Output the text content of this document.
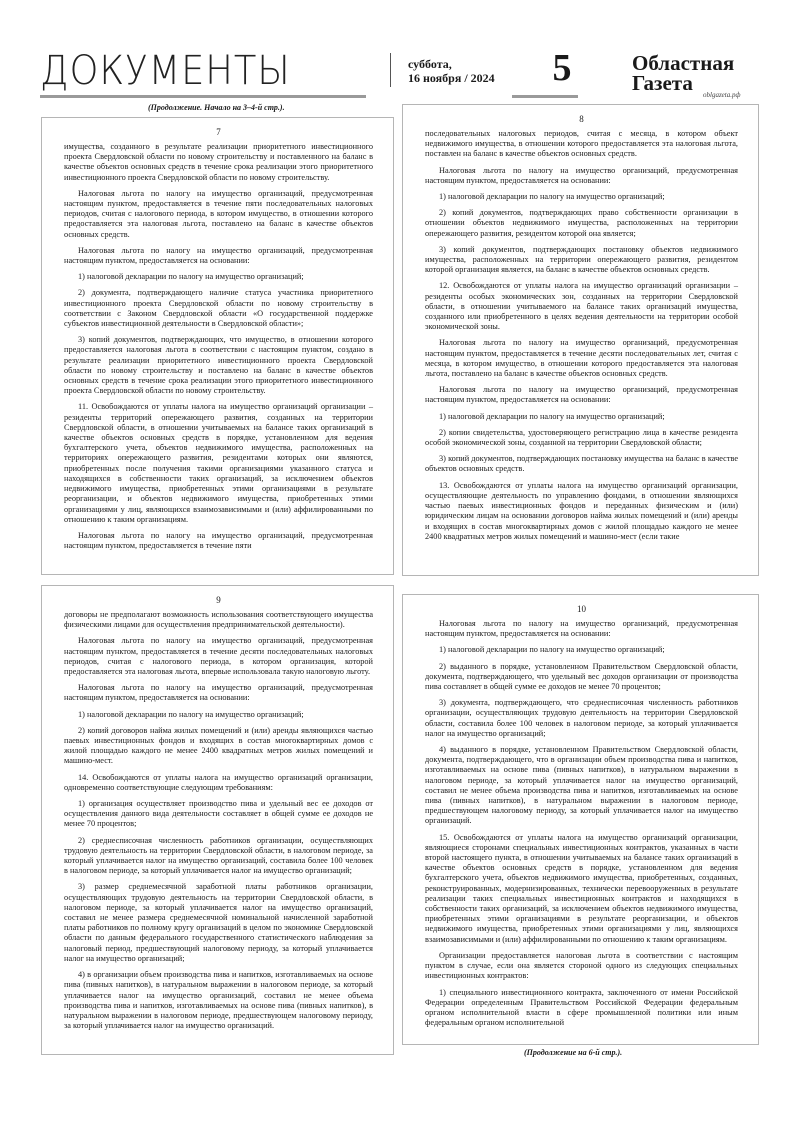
ДОКУМЕНТЫ	суббота,
16 ноября / 2024 5	Областная
Газета	oblgazeta.рф
(Продолжение. Начало на 3–4-й стр.).
7

имущества, созданного в результате реализации приоритетного инвестиционного проекта Свердловской области по новому строительству и поставленного на баланс в качестве объектов основных средств в течение срока реализации этого приоритетного инвестиционного проекта Свердловской области по новому строительству.

Налоговая льгота по налогу на имущество организаций, предусмотренная настоящим пунктом, предоставляется в течение пяти последовательных налоговых периодов, считая с налогового периода, в котором имущество, в отношении которого предоставляется эта налоговая льгота, поставлено на баланс в качестве объектов основных средств.

Налоговая льгота по налогу на имущество организаций, предусмотренная настоящим пунктом, предоставляется на основании:

1) налоговой декларации по налогу на имущество организаций;

2) документа, подтверждающего наличие статуса участника приоритетного инвестиционного проекта Свердловской области по новому строительству в соответствии с Законом Свердловской области «О государственной поддержке субъектов инвестиционной деятельности в Свердловской области»;

3) копий документов, подтверждающих, что имущество, в отношении которого предоставляется налоговая льгота в соответствии с настоящим пунктом, создано в результате реализации приоритетного инвестиционного проекта Свердловской области по новому строительству и поставлено на баланс в качестве объектов основных средств в течение срока реализации этого приоритетного инвестиционного проекта Свердловской области по новому строительству.

11. Освобождаются от уплаты налога на имущество организаций организации – резиденты территорий опережающего развития, созданных на территории Свердловской области, в отношении учитываемых на балансе таких организаций в качестве объектов основных средств в порядке, установленном для ведения бухгалтерского учета, объектов недвижимого имущества, расположенных на территориях опережающего развития, резидентами которых они являются, приобретенных после получения такими организациями указанного статуса и находящихся в собственности таких организаций, за исключением объектов недвижимого имущества, приобретенных этими организациями в результате реорганизации, и объектов недвижимого имущества, приобретенных этими организациями у лиц, являющихся взаимозависимыми и (или) аффилированными по отношению к таким организациям.

Налоговая льгота по налогу на имущество организаций, предусмотренная настоящим пунктом, предоставляется в течение пяти

8

последовательных налоговых периодов, считая с месяца, в котором объект недвижимого имущества, в отношении которого предоставляется эта налоговая льгота, поставлен на баланс в качестве объектов основных средств.

Налоговая льгота по налогу на имущество организаций, предусмотренная настоящим пунктом, предоставляется на основании:

1) налоговой декларации по налогу на имущество организаций;

2) копий документов, подтверждающих право собственности организации в отношении объектов недвижимого имущества, расположенных на территории опережающего развития, резидентом которой она является;

3) копий документов, подтверждающих постановку объектов недвижимого имущества, расположенных на территории опережающего развития, резидентом которой организация является, на баланс в качестве объектов основных средств.

12. Освобождаются от уплаты налога на имущество организаций организации – резиденты особых экономических зон, созданных на территории Свердловской области, в отношении учитываемого на балансе таких организаций имущества, созданного или приобретенного в целях ведения деятельности на территории особой экономической зоны.

Налоговая льгота по налогу на имущество организаций, предусмотренная настоящим пунктом, предоставляется в течение десяти последовательных лет, считая с месяца, в котором имущество, в отношении которого предоставляется эта налоговая льгота, поставлено на баланс в качестве объектов основных средств.

Налоговая льгота по налогу на имущество организаций, предусмотренная настоящим пунктом, предоставляется на основании:

1) налоговой декларации по налогу на имущество организаций;

2) копии свидетельства, удостоверяющего регистрацию лица в качестве резидента особой экономической зоны, созданной на территории Свердловской области;

3) копий документов, подтверждающих постановку имущества на баланс в качестве объектов основных средств.

13. Освобождаются от уплаты налога на имущество организаций организации, осуществляющие деятельность по управлению фондами, в отношении являющихся частью паевых инвестиционных фондов и переданных физическим и (или) юридическим лицам на основании договоров найма жилых помещений и (или) аренды и входящих в состав многоквартирных домов с жилой площадью каждого не менее 2400 квадратных метров жилых помещений и машино-мест (если такие

9

договоры не предполагают возможность использования соответствующего имущества физическими лицами для осуществления предпринимательской деятельности).

Налоговая льгота по налогу на имущество организаций, предусмотренная настоящим пунктом, предоставляется в течение десяти последовательных налоговых периодов, считая с налогового периода, в котором организация, которой предоставляется эта налоговая льгота, впервые использовала такую налоговую льготу.

Налоговая льгота по налогу на имущество организаций, предусмотренная настоящим пунктом, предоставляется на основании:

1) налоговой декларации по налогу на имущество организаций;

2) копий договоров найма жилых помещений и (или) аренды являющихся частью паевых инвестиционных фондов и входящих в состав многоквартирных домов с жилой площадью каждого не менее 2400 квадратных метров жилых помещений и машино-мест.

14. Освобождаются от уплаты налога на имущество организаций организации, одновременно соответствующие следующим требованиям:

1) организация осуществляет производство пива и удельный вес ее доходов от осуществления данного вида деятельности составляет в общей сумме ее доходов не менее 70 процентов;

2) среднесписочная численность работников организации, осуществляющих трудовую деятельность на территории Свердловской области, в налоговом периоде, за который уплачивается налог на имущество организаций, составила более 100 человек в налоговом периоде, за который уплачивается налог на имущество организаций;

3) размер среднемесячной заработной платы работников организации, осуществляющих трудовую деятельность на территории Свердловской области, в налоговом периоде, за который уплачивается налог на имущество организаций, составил не менее размера среднемесячной номинальной начисленной заработной платы работников по полному кругу организаций в целом по экономике Свердловской области по данным федерального государственного статистического наблюдения за налоговый период, предшествующий налоговому периоду, за который уплачивается налог на имущество организаций;

4) в организации объем производства пива и напитков, изготавливаемых на основе пива (пивных напитков), в натуральном выражении в налоговом периоде, за который уплачивается налог на имущество организаций, составил не менее объема производства пива и напитков, изготавливаемых на основе пива (пивных напитков), в натуральном выражении в налоговом периоде, предшествующем налоговому периоду, за который уплачивается налог на имущество организаций.

10

Налоговая льгота по налогу на имущество организаций, предусмотренная настоящим пунктом, предоставляется на основании:

1) налоговой декларации по налогу на имущество организаций;

2) выданного в порядке, установленном Правительством Свердловской области, документа, подтверждающего, что удельный вес доходов организации от производства пива составляет в общей сумме ее доходов не менее 70 процентов;

3) документа, подтверждающего, что среднесписочная численность работников организации, осуществляющих трудовую деятельность на территории Свердловской области, составила более 100 человек в налоговом периоде, за который уплачивается налог на имущество организаций;

4) выданного в порядке, установленном Правительством Свердловской области, документа, подтверждающего, что в организации объем производства пива и напитков, изготавливаемых на основе пива (пивных напитков), в натуральном выражении в налоговом периоде, за который уплачивается налог на имущество организаций, составил не менее объема производства пива и напитков, изготавливаемых на основе пива (пивных напитков), в натуральном выражении в налоговом периоде, предшествующем налоговому периоду, за который уплачивается налог на имущество организаций.

15. Освобождаются от уплаты налога на имущество организаций организации, являющиеся сторонами специальных инвестиционных контрактов, указанных в части второй настоящего пункта, в отношении учитываемых на балансе таких организаций в качестве объектов основных средств в порядке, установленном для ведения бухгалтерского учета, объектов недвижимого имущества, приобретенных, созданных, реконструированных, модернизированных, технически перевооруженных в результате реализации таких специальных инвестиционных контрактов и находящихся в собственности таких организаций, за исключением объектов недвижимого имущества, приобретенных этими организациями в результате реорганизации, и объектов недвижимого имущества, приобретенных этими организациями у лиц, являющихся взаимозависимыми и (или) аффилированными по отношению к таким организациям.

Организации предоставляется налоговая льгота в соответствии с настоящим пунктом в случае, если она является стороной одного из следующих специальных инвестиционных контрактов:

1) специального инвестиционного контракта, заключенного от имени Российской Федерации определенным Правительством Российской Федерации федеральным органом исполнительной власти в сфере промышленной политики или иным федеральным органом исполнительной

(Продолжение на 6-й стр.).
